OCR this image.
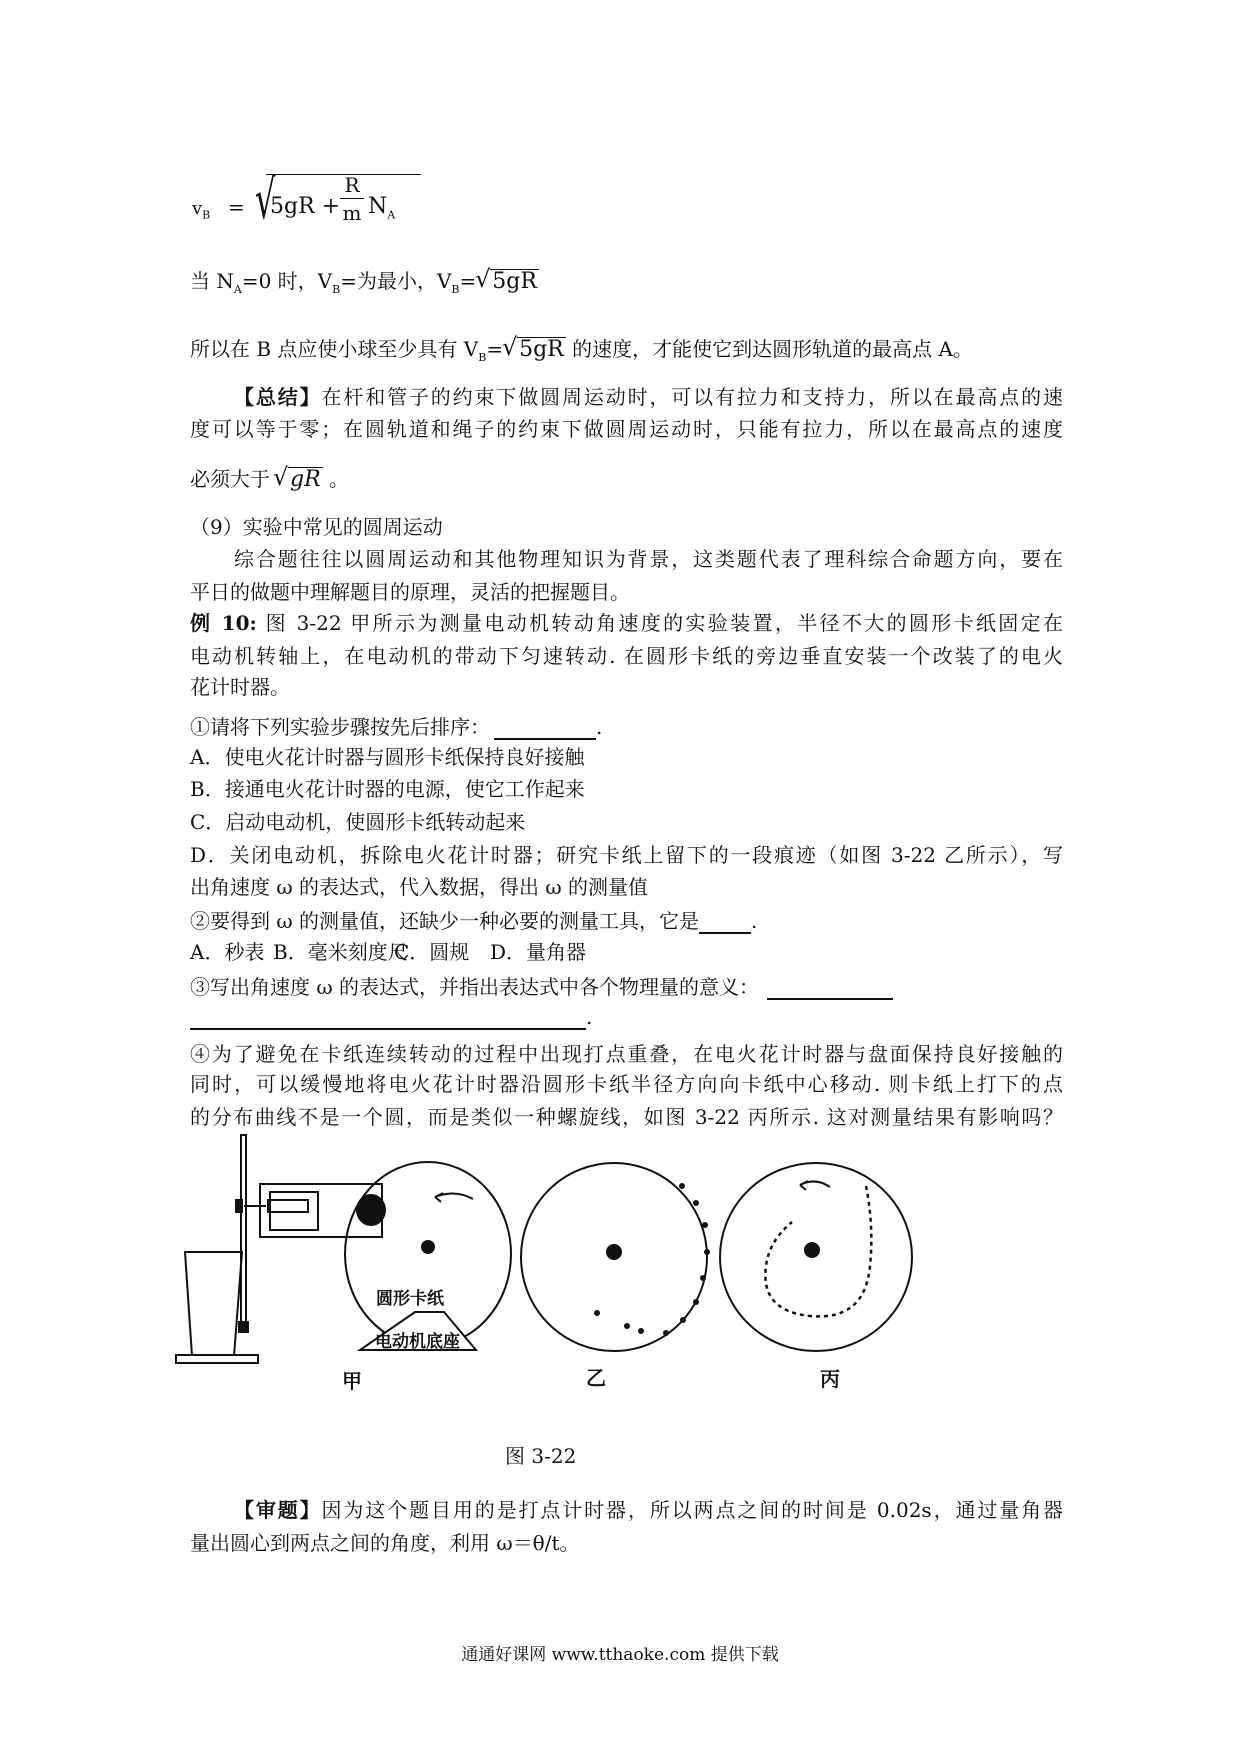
$v_B$ = √
5gR +
R
m $N_A$
当 $N_A=0$ 时，$V_B=$为最小，$V_B=$ √ 5gR
所以在 B 点应使小球至少具有 $V_B=$ √ 5gR 的速度，才能使它到达圆形轨道的最高点 A。
【总结】在杆和管子的约束下做圆周运动时，可以有拉力和支持力，所以在最高点的速
度可以等于零；在圆轨道和绳子的约束下做圆周运动时，只能有拉力，所以在最高点的速度
必须大于 √ gR 。
（9）实验中常见的圆周运动
综合题往往以圆周运动和其他物理知识为背景，这类题代表了理科综合命题方向，要在
平日的做题中理解题目的原理，灵活的把握题目。
例 10: 图 3-22 甲所示为测量电动机转动角速度的实验装置，半径不大的圆形卡纸固定在
电动机转轴上，在电动机的带动下匀速转动. 在圆形卡纸的旁边垂直安装一个改装了的电火
花计时器。
①请将下列实验步骤按先后排序：	.
A．使电火花计时器与圆形卡纸保持良好接触
B．接通电火花计时器的电源，使它工作起来
C．启动电动机，使圆形卡纸转动起来
D．关闭电动机，拆除电火花计时器；研究卡纸上留下的一段痕迹（如图 3-22 乙所示），写
出角速度 ω 的表达式，代入数据，得出 ω 的测量值
②要得到 ω 的测量值，还缺少一种必要的测量工具，它是	.
A．秒表 B．毫米刻度尺
C．圆规 D．量角器
③写出角速度 ω 的表达式，并指出表达式中各个物理量的意义：
.
④为了避免在卡纸连续转动的过程中出现打点重叠，在电火花计时器与盘面保持良好接触的
同时，可以缓慢地将电火花计时器沿圆形卡纸半径方向向卡纸中心移动. 则卡纸上打下的点
的分布曲线不是一个圆，而是类似一种螺旋线，如图 3-22 丙所示. 这对测量结果有影响吗？
圆形卡纸
电动机底座
甲	乙	丙
图 3-22
【审题】因为这个题目用的是打点计时器，所以两点之间的时间是 0.02s，通过量角器
量出圆心到两点之间的角度，利用 ω＝θ/t。
通通好课网 www.tthaoke.com 提供下载
